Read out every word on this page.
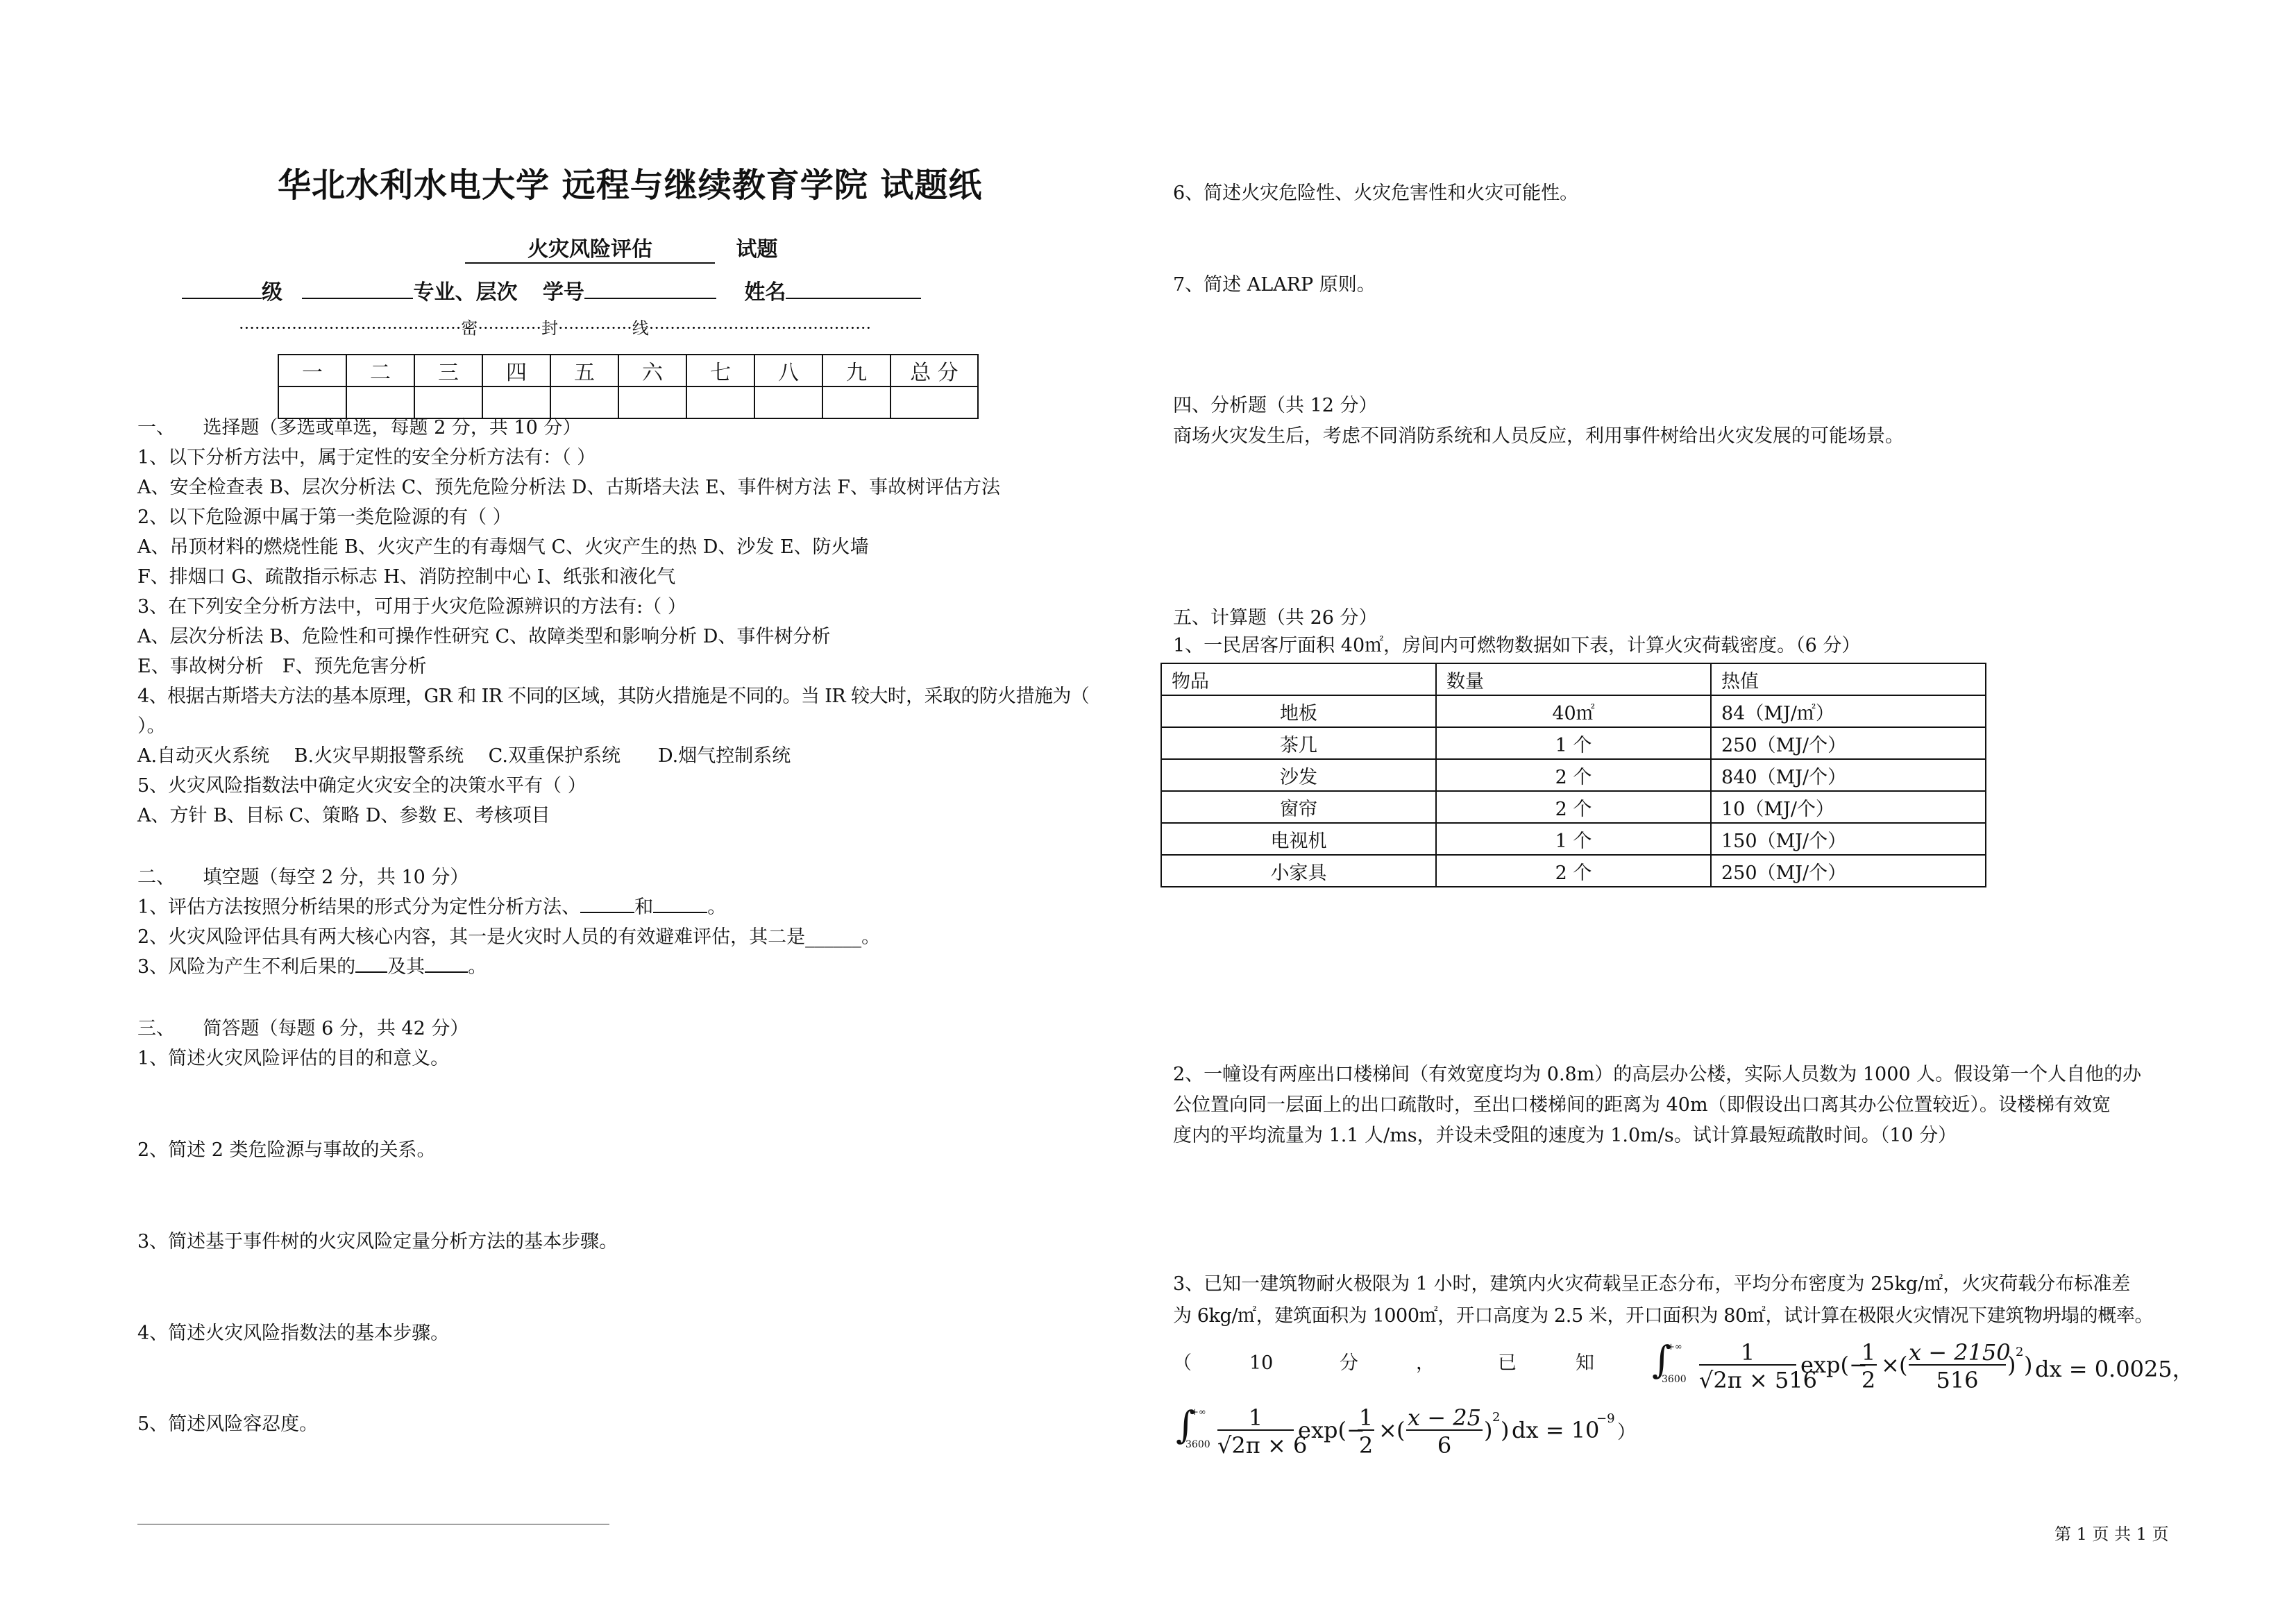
华北水利水电大学 远程与继续教育学院 试题纸
火灾风险评估	试题
级	专业、层次 学号	姓名
··········································密············封··············线··········································
一	二	三	四	五	六	七	八	九	总 分

一、　　选择题（多选或单选，每题 2 分，共 10 分）
1、以下分析方法中，属于定性的安全分析方法有：（ ）
A、安全检查表 B、层次分析法 C、预先危险分析法 D、古斯塔夫法 E、事件树方法 F、事故树评估方法
2、以下危险源中属于第一类危险源的有（ ）
A、吊顶材料的燃烧性能 B、火灾产生的有毒烟气 C、火灾产生的热 D、沙发 E、防火墙
F、排烟口 G、疏散指示标志 H、消防控制中心 I、纸张和液化气
3、在下列安全分析方法中，可用于火灾危险源辨识的方法有:（ ）
A、层次分析法 B、危险性和可操作性研究 C、故障类型和影响分析 D、事件树分析
E、事故树分析　F、预先危害分析
4、根据古斯塔夫方法的基本原理，GR 和 IR 不同的区域，其防火措施是不同的。当 IR 较大时，采取的防火措施为（
）。
A.自动灭火系统　 B.火灾早期报警系统　 C.双重保护系统　　D.烟气控制系统
5、火灾风险指数法中确定火灾安全的决策水平有（ ）
A、方针 B、目标 C、策略 D、参数 E、考核项目
二、　　填空题（每空 2 分，共 10 分）
1、评估方法按照分析结果的形式分为定性分析方法、	和	。
2、火灾风险评估具有两大核心内容，其一是火灾时人员的有效避难评估，其二是______。
3、风险为产生不利后果的 及其 。
三、　　简答题（每题 6 分，共 42 分）
1、简述火灾风险评估的目的和意义。
2、简述 2 类危险源与事故的关系。
3、简述基于事件树的火灾风险定量分析方法的基本步骤。
4、简述火灾风险指数法的基本步骤。
5、简述风险容忍度。
6、简述火灾危险性、火灾危害性和火灾可能性。
7、简述 ALARP 原则。
四、分析题（共 12 分）
商场火灾发生后，考虑不同消防系统和人员反应，利用事件树给出火灾发展的可能场景。
五、计算题（共 26 分）
1、一民居客厅面积 40㎡，房间内可燃物数据如下表，计算火灾荷载密度。（6 分）
物品	数量	热值
地板	40㎡	84（MJ/㎡）
茶几	1 个	250（MJ/个）
沙发	2 个	840（MJ/个）
窗帘	2 个	10（MJ/个）
电视机	1 个	150（MJ/个）
小家具	2 个	250（MJ/个）
2、一幢设有两座出口楼梯间（有效宽度均为 0.8m）的高层办公楼，实际人员数为 1000 人。假设第一个人自他的办
公位置向同一层面上的出口疏散时，至出口楼梯间的距离为 40m（即假设出口离其办公位置较近）。设楼梯有效宽
度内的平均流量为 1.1 人/ms，并设未受阻的速度为 1.0m/s。试计算最短疏散时间。（10 分）
3、已知一建筑物耐火极限为 1 小时，建筑内火灾荷载呈正态分布，平均分布密度为 25kg/㎡，火灾荷载分布标准差
为 6kg/㎡，建筑面积为 1000㎡，开口高度为 2.5 米，开口面积为 80㎡，试计算在极限火灾情况下建筑物坍塌的概率。
（	10	分	，	已	知 ∫
+∞
3600
1
√2π × 516
exp(−
1
2
× ( x − 2150
516
) 2 ) dx = 0.0025，
∫
+∞
3600
1
√2π × 6
exp(−
1
2
× ( x − 25
6
) 2 ) dx = 10
−9
）
第 1 页 共 1 页
